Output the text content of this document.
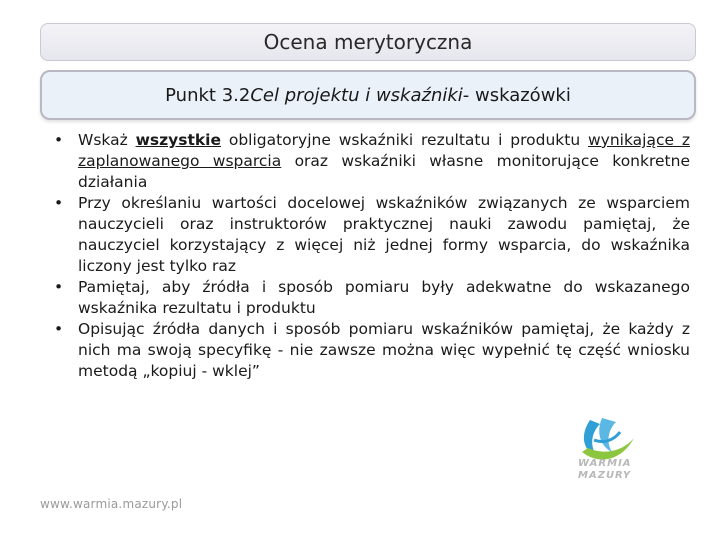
Ocena merytoryczna
Punkt 3.2 Cel projektu i wskaźniki - wskazówki
• Wskaż wszystkie obligatoryjne wskaźniki rezultatu i produktu wynikające z zaplanowanego wsparcia oraz wskaźniki własne monitorujące konkretne działania
• Przy określaniu wartości docelowej wskaźników związanych ze wsparciem nauczycieli oraz instruktorów praktycznej nauki zawodu pamiętaj, że nauczyciel korzystający z więcej niż jednej formy wsparcia, do wskaźnika liczony jest tylko raz
• Pamiętaj, aby źródła i sposób pomiaru były adekwatne do wskazanego wskaźnika rezultatu i produktu
• Opisując źródła danych i sposób pomiaru wskaźników pamiętaj, że każdy z nich ma swoją specyfikę - nie zawsze można więc wypełnić tę część wniosku metodą „kopiuj - wklej”
WARMIA
MAZURY
www.warmia.mazury.pl
